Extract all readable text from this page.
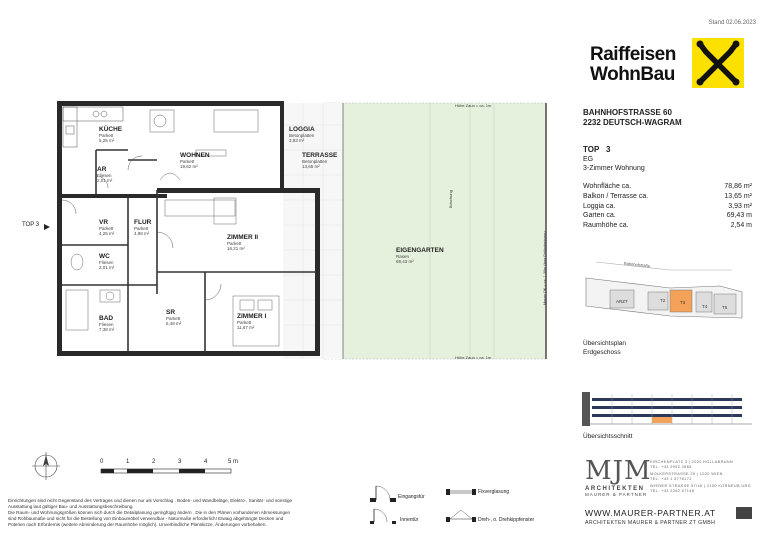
Stand 02.06.2023
Raiffeisen
WohnBau
BAHNHOFSTRASSE 60
2232 DEUTSCH-WAGRAM
TOP 3
EG
3-Zimmer Wohnung
Wohnfläche ca.	78,86 m²
Balkon / Terrasse ca.	13,65 m²
Loggia ca.	3,93 m²
Garten ca.	69,43 m
Raumhöhe ca.	2,54 m
TOP 3
Höhe Zaun = ca. 1m
Höhe Zaun = ca. 1m
Böschung
Mauer OK = ca. 1,30m über Geländeniveau
KÜCHE
Parkett
5,25 m²
WOHNEN
Parkett
19,62 m²
AR
Fliesen
2,01 m²
LOGGIA
Betonplatten
3,93 m²
TERRASSE
Betonplatten
13,65 m²
VR
Parkett
4,25 m²
FLUR
Parkett
4,98 m²
ZIMMER II
Parkett
16,21 m²
WC
Fliesen
2,01 m²
BAD
Fliesen
7,38 m²
SR
Parkett
5,48 m²
ZIMMER I
Parkett
11,67 m²
EIGENGARTEN
Rasen
69,43 m²	Bahnhofstraße
ARZT	T2	T3
T4	T5
Übersichtsplan
Erdgeschoss
Übersichtsschnitt
0	1	2	3	4	5 m
Einrichtungen sind nicht Gegenstand des Vertrages und dienen nur als Vorschlag . Boden- und Wandbeläge, Elektro-, Sanitär- und sonstige
Ausstattung laut gültiger Bau- und Ausstattungsbeschreibung.
Die Raum- und Wohnungsgrößen können sich durch die Detailplanung geringfügig ändern . Die in den Plänen vorhandenen Abmessungen
sind Rohbaumaße und nicht für die Bestellung von Einbaumöbel verwendbar - Naturmaße erforderlich! Etwaig abgehängte Decken und
Poterien nach Erfordernis (weitere Abminderung der Raumhöhe möglich). Unverbindliche Planskizze, Änderungen vorbehalten.
Eingangstür
Fixverglasung
Innentür	Dreh-, o. Drehkippfenster
MJM
ARCHITEKTEN
MAURER & PARTNER
KIRCHENPLATZ 3 | 2020 HOLLABRUNN
TEL. +43 2952 3565
MOLKERSTRASSE 25 | 1020 WIEN
TEL. +43 1 3778172
WIENER STRASSE 57/46 | 2100 KORNEUB URG
TEL. +43 2262 67148
WWW.MAURER-PARTNER.AT
ARCHITEKTEN MAURER & PARTNER ZT GMBH
